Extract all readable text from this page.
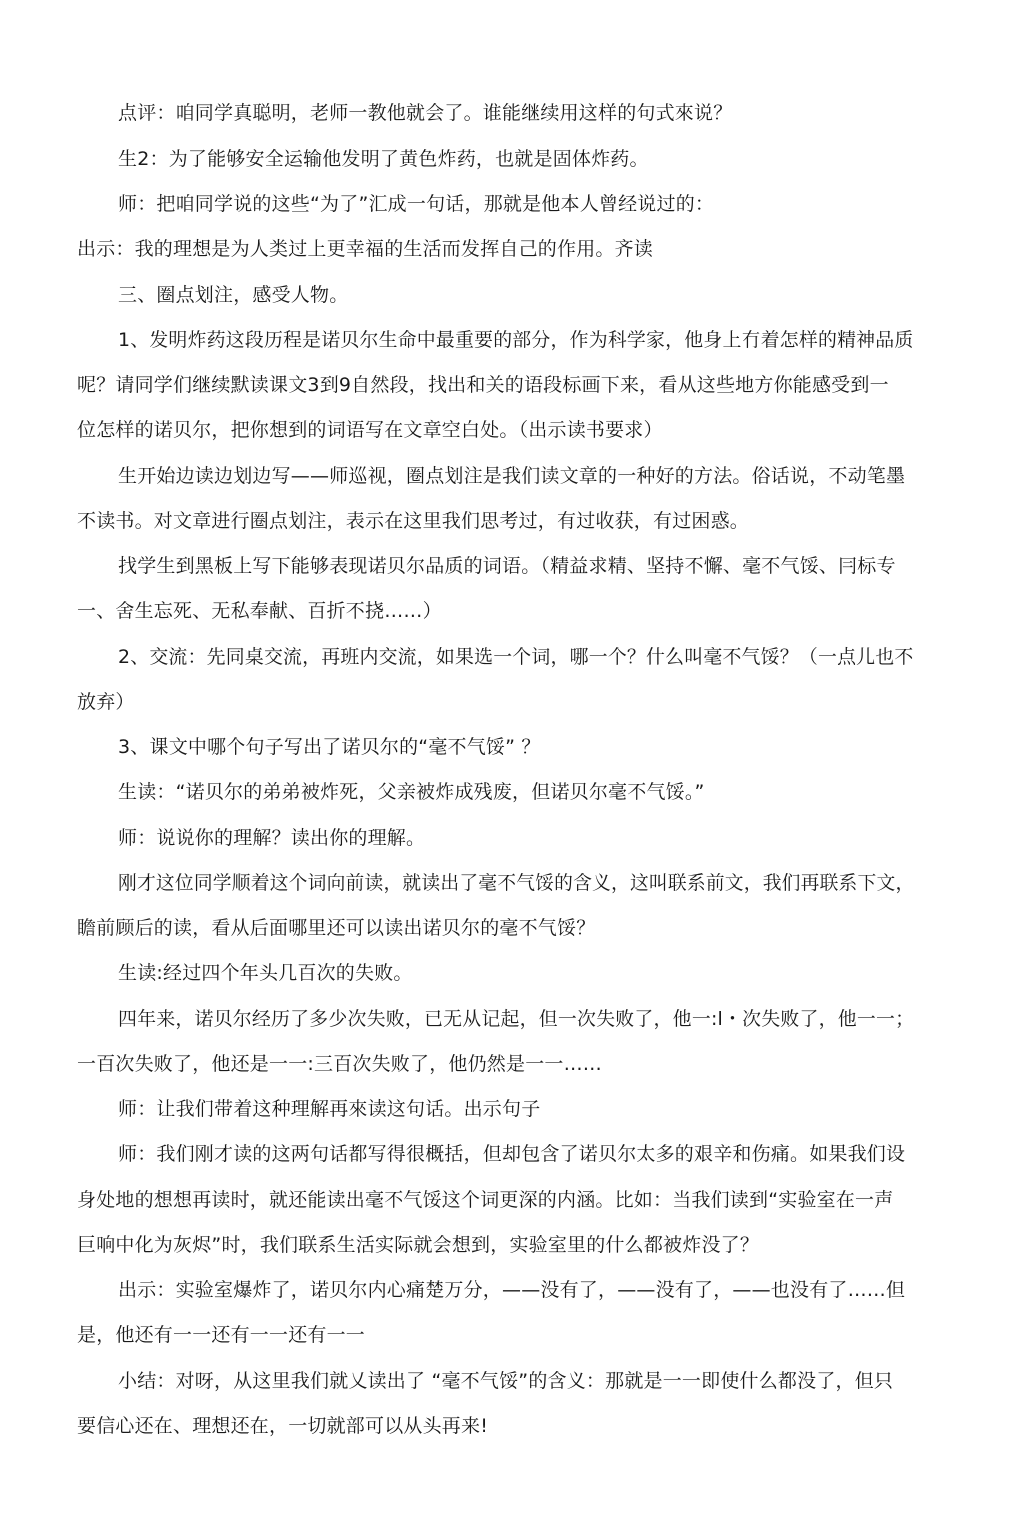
点评：咱同学真聪明，老师一教他就会了。谁能继续用这样的句式來说？
生2：为了能够安全运输他发明了黄色炸药，也就是固体炸药。
师：把咱同学说的这些“为了”汇成一句话，那就是他本人曾经说过的：
出示：我的理想是为人类过上更幸福的生活而发挥自己的作用。齐读
三、圈点划注，感受人物。
1、发明炸药这段历程是诺贝尔生命中最重要的部分，作为科学家，他身上冇着怎样的精神品质
呢？请同学们继续默读课文3到9自然段，找出和关的语段标画下来，看从这些地方你能感受到一
位怎样的诺贝尔，把你想到的词语写在文章空白处。（出示读书要求）
生开始边读边划边写——师巡视，圈点划注是我们读文章的一种好的方法。俗话说，不动笔墨
不读书。对文章进行圈点划注，表示在这里我们思考过，有过收获，有过困惑。
找学生到黑板上写下能够表现诺贝尔品质的词语。（精益求精、坚持不懈、毫不气馁、冃标专
一、舍生忘死、无私奉献、百折不挠……）
2、交流：先同桌交流，再班内交流，如果选一个词，哪一个？什么叫毫不气馁？（一点儿也不
放弃）
3、课文中哪个句子写出了诺贝尔的“毫不气馁” ？
生读：“诺贝尔的弟弟被炸死，父亲被炸成残废，但诺贝尔毫不气馁。”
师：说说你的理解？读出你的理解。
刚才这位同学顺着这个词向前读，就读出了毫不气馁的含义，这叫联系前文，我们再联系下文，
瞻前顾后的读，看从后面哪里还可以读出诺贝尔的毫不气馁？
生读:经过四个年头几百次的失败。
四年来，诺贝尔经历了多少次失败，已无从记起，但一次失败了，他一:l・次失败了，他一一；
一百次失败了，他还是一一:三百次失败了，他仍然是一一……
师：让我们带着这种理解再來读这句话。出示句子
师：我们刚才读的这两句话都写得很概括，但却包含了诺贝尔太多的艰辛和伤痛。如果我们设
身处地的想想再读时，就还能读出毫不气馁这个词更深的内涵。比如：当我们读到“实验室在一声
巨响中化为灰烬”时，我们联系生活实际就会想到，实验室里的什么都被炸没了？
出示：实验室爆炸了，诺贝尔内心痛楚万分，——没有了，——没有了，——也没有了……但
是，他还有一一还有一一还有一一
小结：对呀，从这里我们就乂读出了 “毫不气馁”的含义：那就是一一即使什么都没了，但只
要信心还在、理想还在，一切就部可以从头再来!
